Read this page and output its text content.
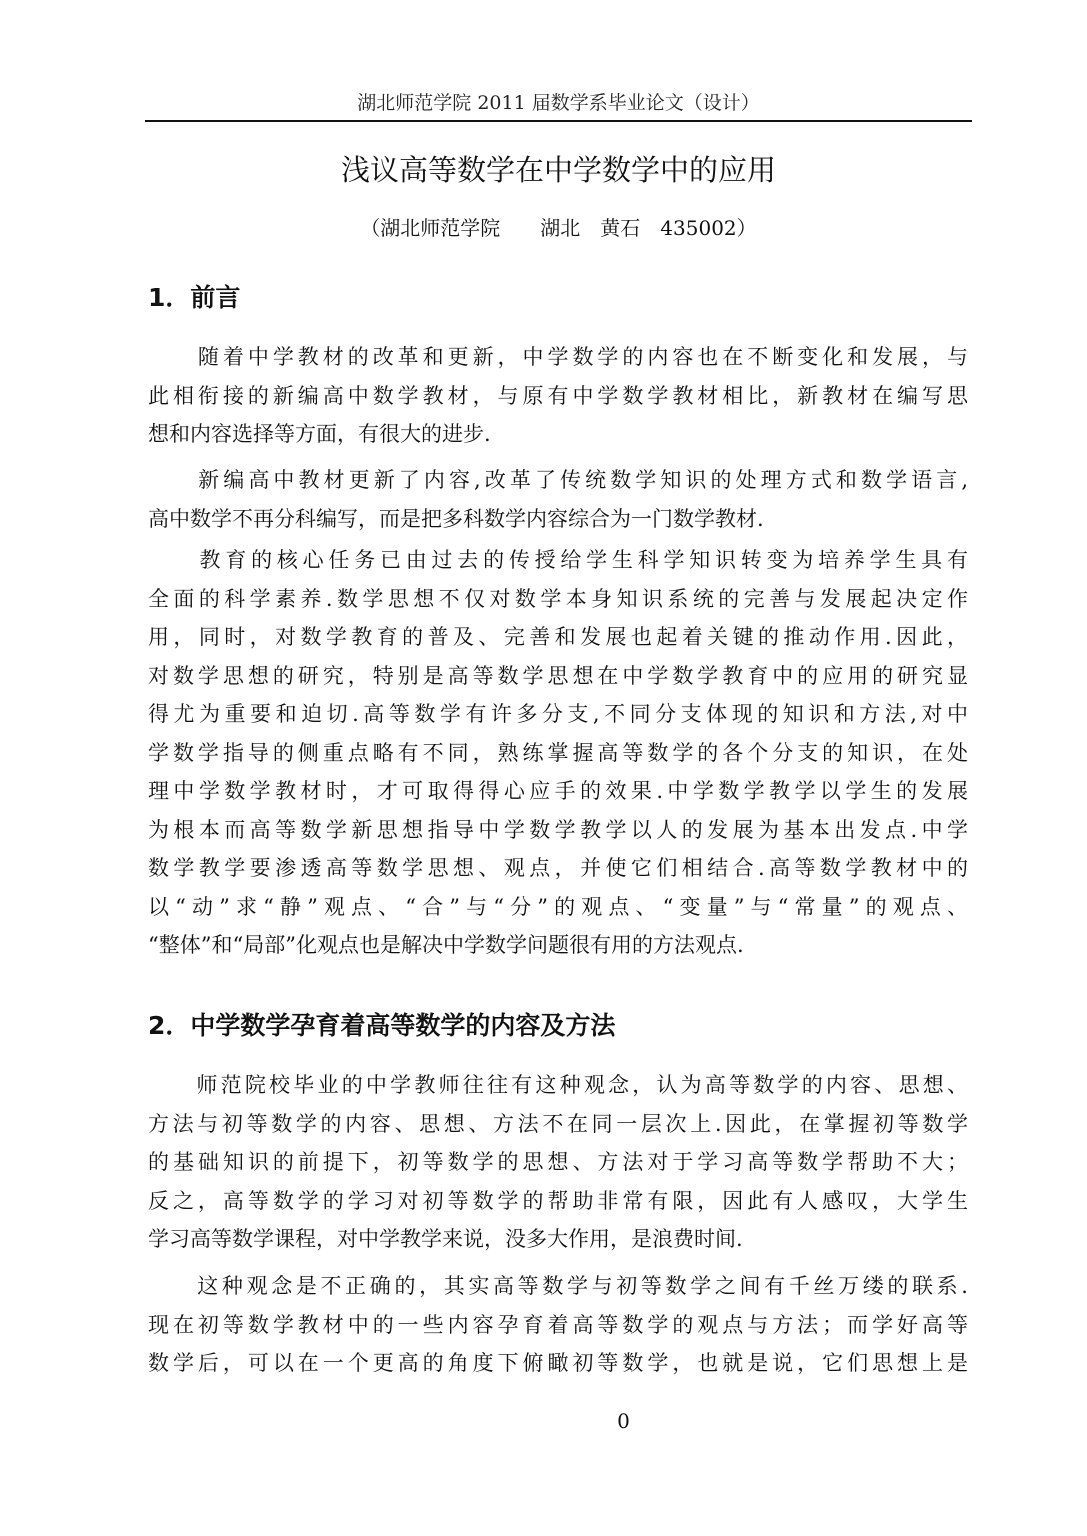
湖北师范学院 2011 届数学系毕业论文（设计）
浅议高等数学在中学数学中的应用
（湖北师范学院　　湖北　黄石　435002）
1．前言
　　随着中学教材的改革和更新，中学数学的内容也在不断变化和发展，与
此相衔接的新编高中数学教材，与原有中学数学教材相比，新教材在编写思
想和内容选择等方面，有很大的进步.
　　新编高中教材更新了内容,改革了传统数学知识的处理方式和数学语言,
高中数学不再分科编写，而是把多科数学内容综合为一门数学教材.
　　教育的核心任务已由过去的传授给学生科学知识转变为培养学生具有
全面的科学素养.数学思想不仅对数学本身知识系统的完善与发展起决定作
用，同时，对数学教育的普及、完善和发展也起着关键的推动作用.因此，
对数学思想的研究，特别是高等数学思想在中学数学教育中的应用的研究显
得尤为重要和迫切.高等数学有许多分支,不同分支体现的知识和方法,对中
学数学指导的侧重点略有不同，熟练掌握高等数学的各个分支的知识，在处
理中学数学教材时，才可取得得心应手的效果.中学数学教学以学生的发展
为根本而高等数学新思想指导中学数学教学以人的发展为基本出发点.中学
数学教学要渗透高等数学思想、观点，并使它们相结合.高等数学教材中的
以“动”求“静”观点、“合”与“分”的观点、“变量”与“常量”的观点、
“整体”和“局部”化观点也是解决中学数学问题很有用的方法观点.
2．中学数学孕育着高等数学的内容及方法
　　师范院校毕业的中学教师往往有这种观念，认为高等数学的内容、思想、
方法与初等数学的内容、思想、方法不在同一层次上.因此，在掌握初等数学
的基础知识的前提下，初等数学的思想、方法对于学习高等数学帮助不大；
反之，高等数学的学习对初等数学的帮助非常有限，因此有人感叹，大学生
学习高等数学课程，对中学教学来说，没多大作用，是浪费时间.
　　这种观念是不正确的，其实高等数学与初等数学之间有千丝万缕的联系.
现在初等数学教材中的一些内容孕育着高等数学的观点与方法；而学好高等
数学后，可以在一个更高的角度下俯瞰初等数学，也就是说，它们思想上是
0
